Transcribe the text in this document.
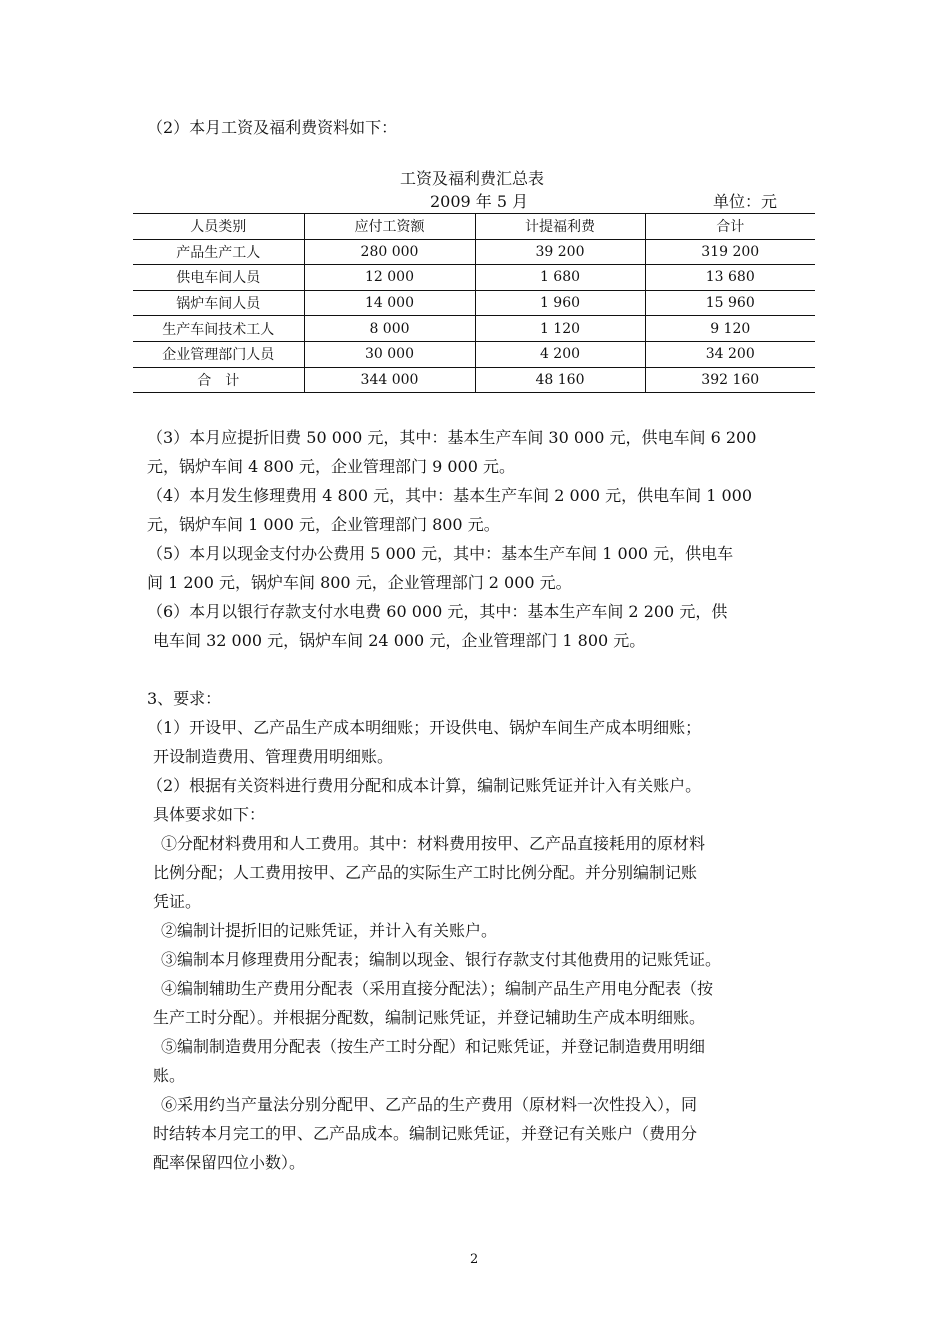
（2）本月工资及福利费资料如下：
工资及福利费汇总表
2009 年 5 月	单位：元
人员类别	应付工资额	计提福利费	合计
产品生产工人	280 000	39 200	319 200
供电车间人员	12 000	1 680	13 680
锅炉车间人员	14 000	1 960	15 960
生产车间技术工人	8 000	1 120	9 120
企业管理部门人员	30 000	4 200	34 200
合　计	344 000	48 160	392 160
（3）本月应提折旧费 50 000 元，其中：基本生产车间 30 000 元，供电车间 6 200
元，锅炉车间 4 800 元，企业管理部门 9 000 元。
（4）本月发生修理费用 4 800 元，其中：基本生产车间 2 000 元，供电车间 1 000
元，锅炉车间 1 000 元，企业管理部门 800 元。
（5）本月以现金支付办公费用 5 000 元，其中：基本生产车间 1 000 元，供电车
间 1 200 元，锅炉车间 800 元，企业管理部门 2 000 元。
（6）本月以银行存款支付水电费 60 000 元，其中：基本生产车间 2 200 元，供
电车间 32 000 元，锅炉车间 24 000 元，企业管理部门 1 800 元。
3、要求：
（1）开设甲、乙产品生产成本明细账；开设供电、锅炉车间生产成本明细账；
开设制造费用、管理费用明细账。
（2）根据有关资料进行费用分配和成本计算，编制记账凭证并计入有关账户。
具体要求如下：
①分配材料费用和人工费用。其中：材料费用按甲、乙产品直接耗用的原材料
比例分配；人工费用按甲、乙产品的实际生产工时比例分配。并分别编制记账
凭证。
②编制计提折旧的记账凭证，并计入有关账户。
③编制本月修理费用分配表；编制以现金、银行存款支付其他费用的记账凭证。
④编制辅助生产费用分配表（采用直接分配法）；编制产品生产用电分配表（按
生产工时分配）。并根据分配数，编制记账凭证，并登记辅助生产成本明细账。
⑤编制制造费用分配表（按生产工时分配）和记账凭证，并登记制造费用明细
账。
⑥采用约当产量法分别分配甲、乙产品的生产费用（原材料一次性投入），同
时结转本月完工的甲、乙产品成本。编制记账凭证，并登记有关账户（费用分
配率保留四位小数）。
2
